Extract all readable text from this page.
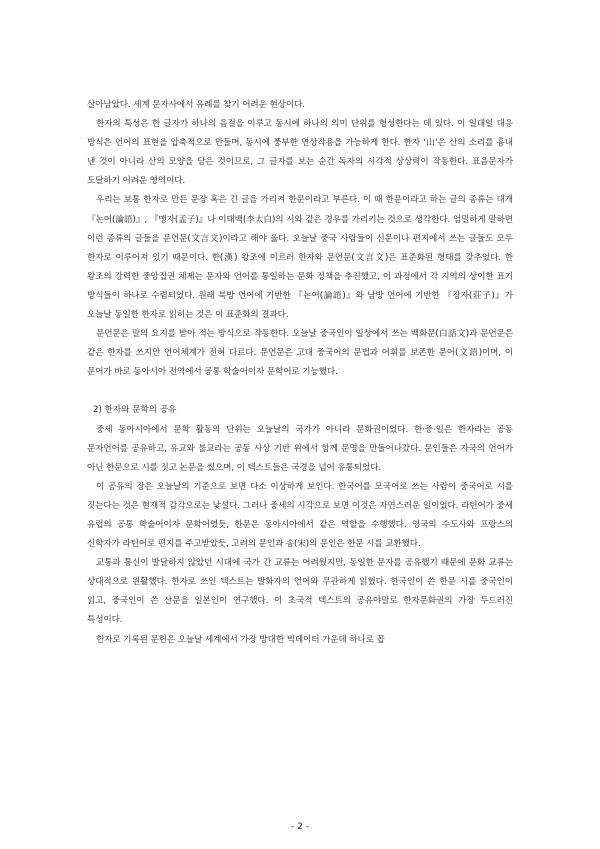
살아남았다. 세계 문자사에서 유례를 찾기 어려운 현상이다.

한자의 특성은 한 글자가 하나의 음절을 이루고 동시에 하나의 의미 단위를 형성한다는 데 있다. 이 일대일 대응 방식은 언어의 표현을 압축적으로 만들며, 동시에 풍부한 연상작용을 가능하게 한다. 한자 '山'은 산의 소리를 흉내 낸 것이 아니라 산의 모양을 담은 것이므로, 그 글자를 보는 순간 독자의 시각적 상상력이 작동한다. 표음문자가 도달하기 어려운 영역이다.

우리는 보통 한자로 만든 문장 혹은 긴 글을 가리켜 한문이라고 부른다. 이 때 한문이라고 하는 글의 종류는 대개 『논어(論語)』, 『맹자(孟子)』나 이태백(李太白)의 시와 같은 경우를 가리키는 것으로 생각한다. 엄밀하게 말하면 이런 종류의 글들을 문언문(文言文)이라고 해야 옳다. 오늘날 중국 사람들이 신문이나 편지에서 쓰는 글들도 모두 한자로 이루어져 있기 때문이다. 한(漢) 왕조에 이르러 한자와 문언문(文言文)은 표준화된 형태를 갖추었다. 한 왕조의 강력한 중앙집권 체제는 문자와 언어를 통일하는 문화 정책을 추진했고, 이 과정에서 각 지역의 상이한 표기 방식들이 하나로 수렴되었다. 원래 북방 언어에 기반한 『논어(論語)』와 남방 언어에 기반한 『장자(莊子)』가 오늘날 동일한 한자로 읽히는 것은 이 표준화의 결과다.

문언문은 말의 요지를 받아 적는 방식으로 작동한다. 오늘날 중국인이 일상에서 쓰는 백화문(白話文)과 문언문은 같은 한자를 쓰지만 언어체계가 전혀 다르다. 문언문은 고대 중국어의 문법과 어휘를 보존한 문어(文語)이며, 이 문어가 바로 동아시아 전역에서 공통 학술어이자 문학어로 기능했다.

2) 한자와 문학의 공유

중세 동아시아에서 문학 활동의 단위는 오늘날의 국가가 아니라 문화권이었다. 한·중·일은 한자라는 공동 문자언어를 공유하고, 유교와 불교라는 공동 사상 기반 위에서 함께 문명을 만들어나갔다. 문인들은 자국의 언어가 아닌 한문으로 시를 짓고 논문을 썼으며, 이 텍스트들은 국경을 넘어 유통되었다.

이 공유의 장은 오늘날의 기준으로 보면 다소 이상하게 보인다. 한국어를 모국어로 쓰는 사람이 중국어로 시를 짓는다는 것은 현재적 감각으로는 낯설다. 그러나 중세의 시각으로 보면 이것은 자연스러운 일이었다. 라틴어가 중세 유럽의 공통 학술어이자 문학어였듯, 한문은 동아시아에서 같은 역할을 수행했다. 영국의 수도사와 프랑스의 신학자가 라틴어로 편지를 주고받았듯, 고려의 문인과 송(宋)의 문인은 한문 시를 교환했다.

교통과 통신이 발달하지 않았던 시대에 국가 간 교류는 어려웠지만, 동일한 문자를 공유했기 때문에 문화 교류는 상대적으로 원활했다. 한자로 쓰인 텍스트는 발화자의 언어와 무관하게 읽혔다. 한국인이 쓴 한문 시를 중국인이 읽고, 중국인이 쓴 산문을 일본인이 연구했다. 이 초국적 텍스트의 공유야말로 한자문화권의 가장 두드러진 특성이다.

한자로 기록된 문헌은 오늘날 세계에서 가장 방대한 빅데이터 가운데 하나로 꼽

- 2 -
